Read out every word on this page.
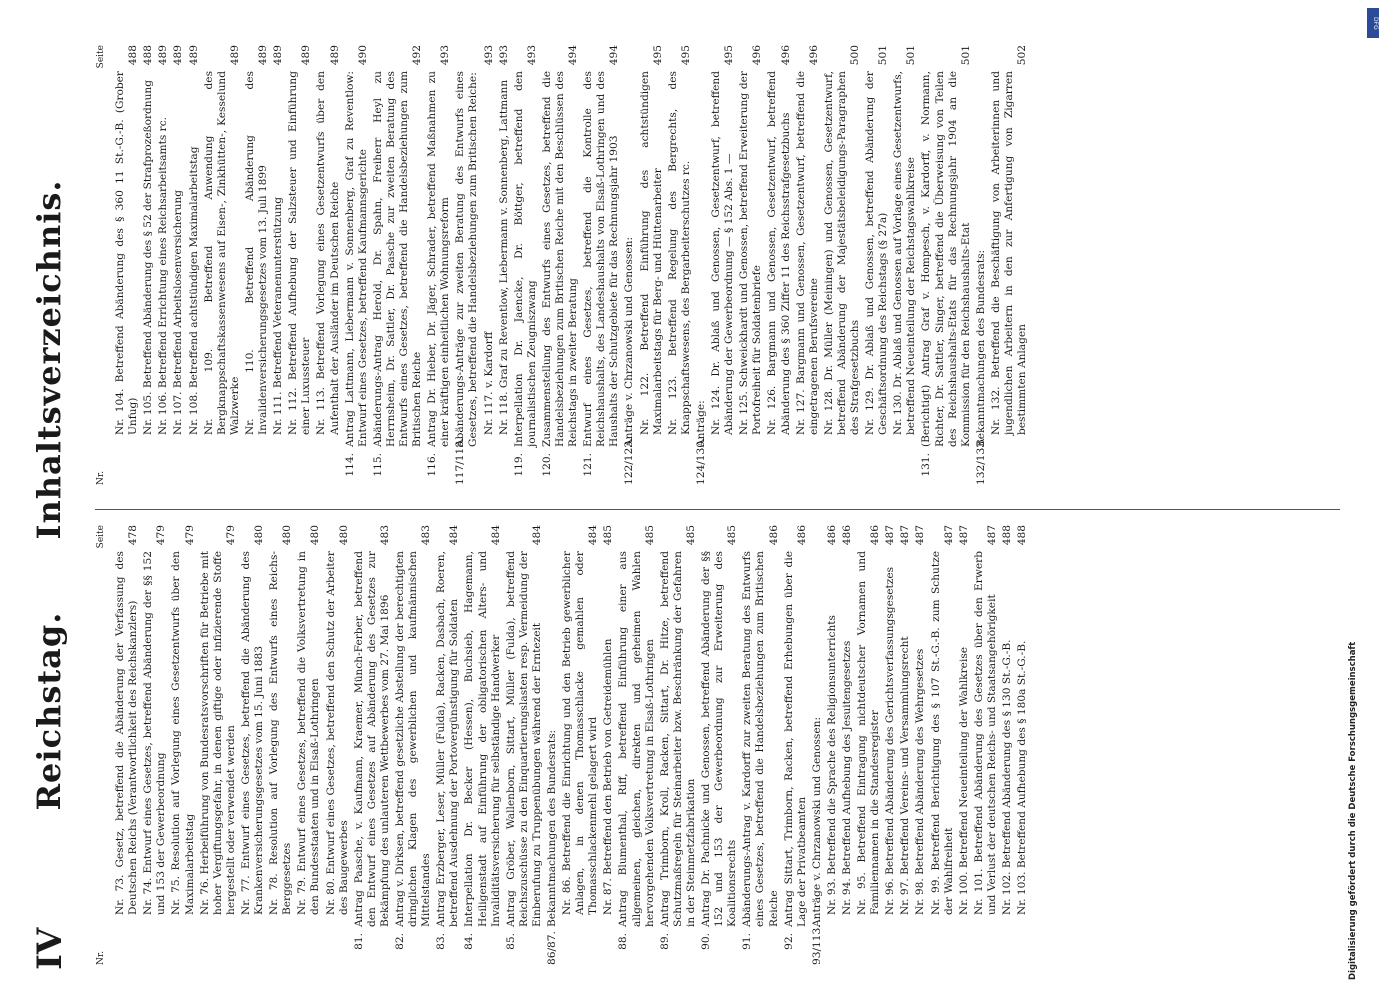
IV
Reichstag. Inhaltsverzeichnis.
Nr.
Seite
Nr. 73. Gesetz, betreffend die Abänderung der Verfassung des Deutschen Reichs (Verantwortlichkeit des Reichskanzlers)
478
Nr. 74. Entwurf eines Gesetzes, betreffend Abänderung der §§ 152 und 153 der Gewerbeordnung
479
Nr. 75. Resolution auf Vorlegung eines Gesetzentwurfs über den Maximalarbeitstag
479
Nr. 76. Herbeiführung von Bundesratsvorschriften für Betriebe mit hoher Vergiftungsgefahr, in denen giftige oder infizierende Stoffe hergestellt oder verwendet werden
479
Nr. 77. Entwurf eines Gesetzes, betreffend die Abänderung des Krankenversicherungsgesetzes vom 15. Juni 1883
480
Nr. 78. Resolution auf Vorlegung des Entwurfs eines Reichs-Berggesetzes
480
Nr. 79. Entwurf eines Gesetzes, betreffend die Volksvertretung in den Bundesstaaten und in Elsaß-Lothringen
480
Nr. 80. Entwurf eines Gesetzes, betreffend den Schutz der Arbeiter des Baugewerbes
480
81.
Antrag Paasche, v. Kaufmann, Kraemer, Münch-Ferber, betreffend den Entwurf eines Gesetzes auf Abänderung des Gesetzes zur Bekämpfung des unlauteren Wettbewerbes vom 27. Mai 1896
483
82.
Antrag v. Dirksen, betreffend gesetzliche Abstellung der berechtigten dringlichen Klagen des gewerblichen und kaufmännischen Mittelstandes
483
83.
Antrag Erzberger, Leser, Müller (Fulda), Racken, Dasbach, Roeren, betreffend Ausdehnung der Portovergünstigung für Soldaten
484
84.
Interpellation Dr. Becker (Hessen), Buchsieb, Hagemann, Heiligenstadt auf Einführung der obligatorischen Alters- und Invaliditätsversicherung für selbständige Handwerker
484
85.
Antrag Gröber, Wallenborn, Sittart, Müller (Fulda), betreffend Reichszuschüsse zu den Einquartierungslasten resp. Vermeidung der Einberufung zu Truppenübungen während der Erntezeit
484
86/87.
Bekanntmachungen des Bundesrats: Nr. 86. Betreffend die Einrichtung und den Betrieb gewerblicher Anlagen, in denen Thomasschlacke gemahlen oder Thomasschlackenmehl gelagert wird
484
Nr. 87. Betreffend den Betrieb von Getreidemühlen
485
88.
Antrag Blumenthal, Riff, betreffend Einführung einer aus allgemeinen, gleichen, direkten und geheimen Wahlen hervorgehenden Volksvertretung in Elsaß-Lothringen
485
89.
Antrag Trimborn, Kroll, Racken, Sittart, Dr. Hitze, betreffend Schutzmaßregeln für Steinarbeiter bzw. Beschränkung der Gefahren in der Steinmetzfabrikation
485
90.
Antrag Dr. Pachnicke und Genossen, betreffend Abänderung der §§ 152 und 153 der Gewerbeordnung zur Erweiterung des Koalitionsrechts
485
91.
Abänderungs-Antrag v. Kardorff zur zweiten Beratung des Entwurfs eines Gesetzes, betreffend die Handelsbeziehungen zum Britischen Reiche
486
92.
Antrag Sittart, Trimborn, Racken, betreffend Erhebungen über die Lage der Privatbeamten
486
93/113.
Anträge v. Chrzanowski und Genossen: Nr. 93. Betreffend die Sprache des Religionsunterrichts
486
Nr. 94. Betreffend Aufhebung des Jesuitengesetzes
486
Nr. 95. Betreffend Eintragung nichtdeutscher Vornamen und Familiennamen in die Standesregister
486
Nr. 96. Betreffend Abänderung des Gerichtsverfassungsgesetzes
487
Nr. 97. Betreffend Vereins- und Versammlungsrecht
487
Nr. 98. Betreffend Abänderung des Wehrgesetzes
487
Nr. 99. Betreffend Berichtigung des § 107 St.-G.-B. zum Schutze der Wahlfreiheit
487
Nr. 100. Betreffend Neueinteilung der Wahlkreise
487
Nr. 101. Betreffend Abänderung des Gesetzes über den Erwerb und Verlust der deutschen Reichs- und Staatsangehörigkeit
487
Nr. 102. Betreffend Abänderung des § 130 St.-G.-B.
488
Nr. 103. Betreffend Aufhebung des § 180a St.-G.-B.
488
Nr.
Seite
Nr. 104. Betreffend Abänderung des § 360 11 St.-G.-B. (Grober Unfug)
488
Nr. 105. Betreffend Abänderung des § 52 der Strafprozeßordnung
488
Nr. 106. Betreffend Errichtung eines Reichsarbeitsamts rc.
489
Nr. 107. Betreffend Arbeitslosenversicherung
489
Nr. 108. Betreffend achtstündigen Maximalarbeitstag
489
Nr. 109. Betreffend Anwendung des Bergknappschaftskassenwesens auf Eisen-, Zinkhütten-, Kesselund Walzwerke
489
Nr. 110. Betreffend Abänderung des Invalidenversicherungsgesetzes vom 13. Juli 1899
489
Nr. 111. Betreffend Veteranenunterstützung
489
Nr. 112. Betreffend Aufhebung der Salzsteuer und Einführung einer Luxussteuer
489
Nr. 113. Betreffend Vorlegung eines Gesetzentwurfs über den Aufenthalt der Ausländer im Deutschen Reiche
489
114.
Antrag Lattmann, Liebermann v. Sonnenberg, Graf zu Reventlow: Entwurf eines Gesetzes, betreffend Kaufmannsgerichte
490
115.
Abänderungs-Antrag Herold, Dr. Spahn, Freiherr Heyl zu Herrnsheim, Dr. Sattler, Dr. Paasche zur zweiten Beratung des Entwurfs eines Gesetzes, betreffend die Handelsbeziehungen zum Britischen Reiche
492
116.
Antrag Dr. Hieber, Dr. Jäger, Schrader, betreffend Maßnahmen zu einer kräftigen einheitlichen Wohnungsreform
493
117/118.
Abänderungs-Anträge zur zweiten Beratung des Entwurfs eines Gesetzes, betreffend die Handelsbeziehungen zum Britischen Reiche: Nr. 117. v. Kardorff
493
Nr. 118. Graf zu Reventlow, Liebermann v. Sonnenberg, Lattmann
493
119.
Interpellation Dr. Jaencke, Dr. Böttger, betreffend den journalistischen Zeugniszwang
493
120.
Zusammenstellung des Entwurfs eines Gesetzes, betreffend die Handelsbeziehungen zum Britischen Reiche mit den Beschlüssen des Reichstags in zweiter Beratung
494
121.
Entwurf eines Gesetzes, betreffend die Kontrolle des Reichshaushalts, des Landeshaushalts von Elsaß-Lothringen und des Haushalts der Schutzgebiete für das Rechnungsjahr 1903
494
122/123.
Anträge v. Chrzanowski und Genossen: Nr. 122. Betreffend Einführung des achtstündigen Maximalarbeitstags für Berg- und Hüttenarbeiter
495
Nr. 123. Betreffend Regelung des Bergrechts, des Knappschaftswesens, des Bergarbeiterschutzes rc.
495
124/130.
Anträge: Nr. 124. Dr. Ablaß und Genossen, Gesetzentwurf, betreffend Abänderung der Gewerbeordnung — § 152 Abs. 1 —
495
Nr. 125. Schweickhardt und Genossen, betreffend Erweiterung der Portofreiheit für Soldatenbriefe
496
Nr. 126. Bargmann und Genossen, Gesetzentwurf, betreffend Abänderung des § 360 Ziffer 11 des Reichsstrafgesetzbuchs
496
Nr. 127. Bargmann und Genossen, Gesetzentwurf, betreffend die eingetragenen Berufsvereine
496
Nr. 128. Dr. Müller (Meiningen) und Genossen, Gesetzentwurf, betreffend Abänderung der Majestätsbeleidigungs-Paragraphen des Strafgesetzbuchs
500
Nr. 129. Dr. Ablaß und Genossen, betreffend Abänderung der Geschäftsordnung des Reichstags (§ 27a)
501
Nr. 130. Dr. Ablaß und Genossen auf Vorlage eines Gesetzentwurfs, betreffend Neueinteilung der Reichstagswahlkreise
501
131.
(Berichtigt) Antrag Graf v. Hompesch, v. Kardorff, v. Normann, Richter, Dr. Sattler, Singer, betreffend die Überweisung von Teilen des Reichshaushalts-Etats für das Rechnungsjahr 1904 an die Kommission für den Reichshaushalts-Etat
501
132/133.
Bekanntmachungen des Bundesrats: Nr. 132. Betreffend die Beschäftigung von Arbeiterinnen und jugendlichen Arbeitern in den zur Anfertigung von Zigarren bestimmten Anlagen
502
Digitalisierung gefördert durch die Deutsche Forschungsgemeinschaft
DFG
